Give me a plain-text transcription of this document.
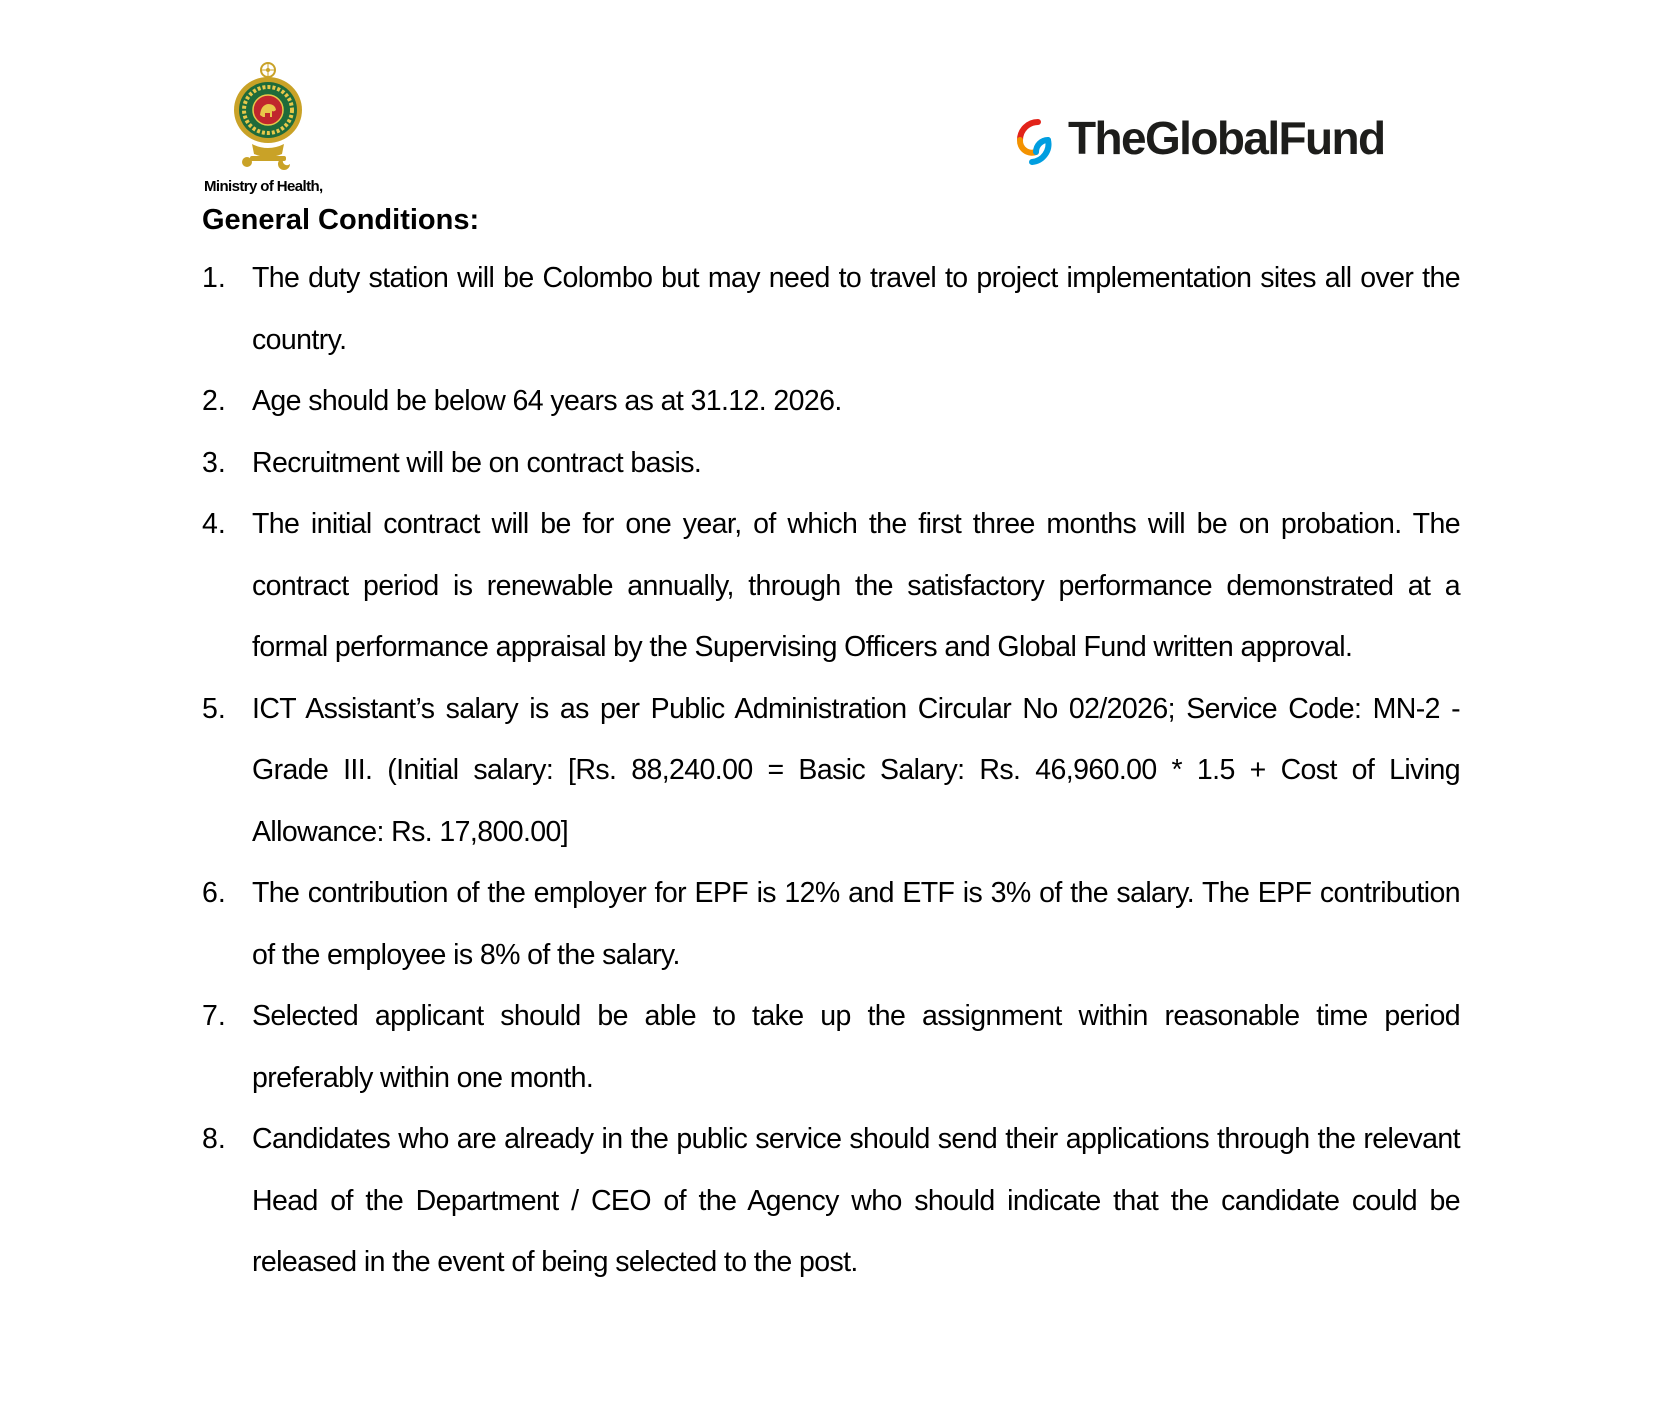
Ministry of Health,
TheGlobalFund
General Conditions:
1. The duty station will be Colombo but may need to travel to project implementation sites all over the country.
2. Age should be below 64 years as at 31.12. 2026.
3. Recruitment will be on contract basis.
4. The initial contract will be for one year, of which the first three months will be on probation. The contract period is renewable annually, through the satisfactory performance demonstrated at a formal performance appraisal by the Supervising Officers and Global Fund written approval.
5. ICT Assistant’s salary is as per Public Administration Circular No 02/2026; Service Code: MN-2 -Grade III. (Initial salary: [Rs. 88,240.00 = Basic Salary: Rs. 46,960.00 * 1.5 + Cost of Living Allowance: Rs. 17,800.00]
6. The contribution of the employer for EPF is 12% and ETF is 3% of the salary. The EPF contribution of the employee is 8% of the salary.
7. Selected applicant should be able to take up the assignment within reasonable time period preferably within one month.
8. Candidates who are already in the public service should send their applications through the relevant Head of the Department / CEO of the Agency who should indicate that the candidate could be released in the event of being selected to the post.
